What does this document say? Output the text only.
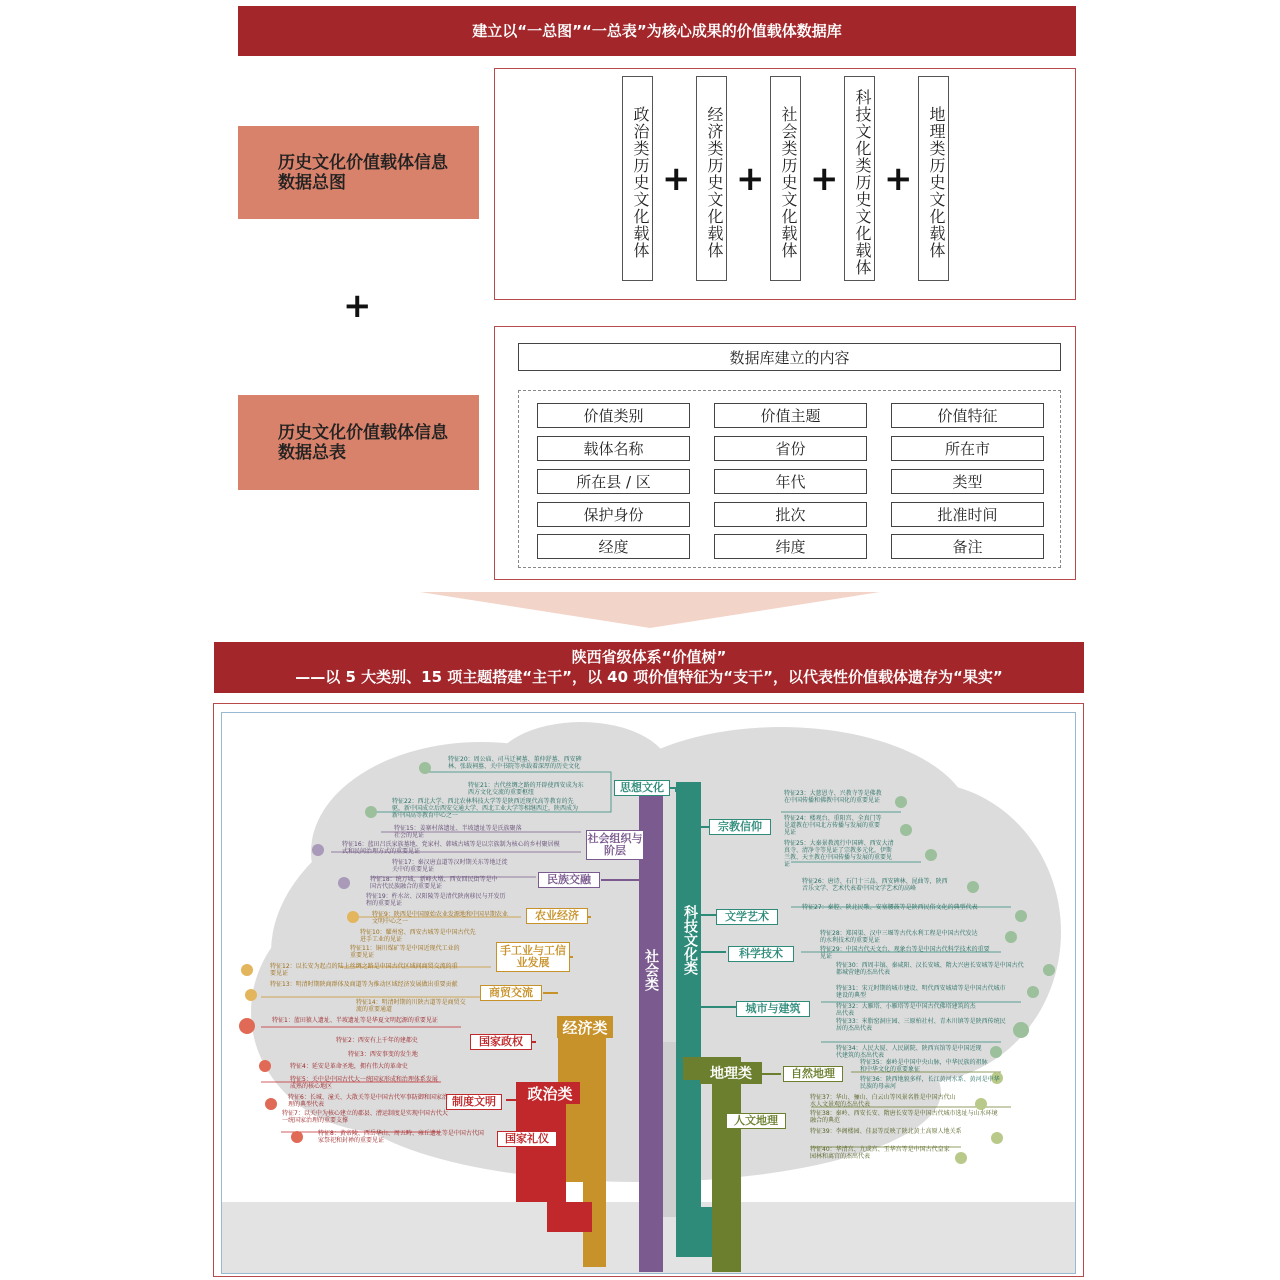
建立以“一总图”“一总表”为核心成果的价值载体数据库
历史文化价值载体信息数据总图
+
历史文化价值载体信息数据总表
政治类历史文化载体 + 经济类历史文化载体 + 社会类历史文化载体 + 科技文化类历史文化载体 + 地理类历史文化载体
数据库建立的内容
价值类别	价值主题	价值特征
载体名称	省份	所在市
所在县 / 区	年代	类型
保护身份	批次	批准时间
经度	纬度	备注
陕西省级体系“价值树”
——以 5 大类别、15 项主题搭建“主干”，以 40 项价值特征为“支干”，以代表性价值载体遗存为“果实”
经济类
政治类
社会类 科技文化类
地理类
思想文化
社会组织与阶层
民族交融
农业经济
手工业与工信业发展
商贸交流
国家政权
制度文明
国家礼仪
宗教信仰
文学艺术
科学技术
城市与建筑
自然地理
人文地理
特征20：周公庙、司马迁祠墓、董仲舒墓、西安碑林、张载祠墓、关中书院等承载着深厚的历史文化
特征21：古代丝绸之路的开辟使西安成为东西方文化交流的重要枢纽
特征22：西北大学、西北农林科技大学等是陕西近现代高等教育的先驱，新中国成立后西安交通大学、西北工业大学等相继西迁，陕西成为新中国高等教育中心之一
特征15：姜寨村落遗址、半坡遗址等是氏族聚落社会的见证
特征16：蓝田吕氏家族墓地、党家村、韩城古城等是以宗族制为核心的乡村聚居模式和民间治理方式的重要见证
特征17：秦汉唐直道等汉时期关东等地迁徙关中的重要见证
特征18：统万城、新峰火墩、西安回民街等是中国古代民族融合的重要见证
特征19：杵水岔、汉阳陵等是清代陕南移民与开发历程的重要见证
特征9：陕西是中国原始农业发源地和中国早期农业文明中心之一
特征10：耀州窑、西安古城等是中国古代先进手工业的见证
特征11：铜川煤矿等是中国近现代工业的重要见证
特征12：以长安为起点的陆上丝绸之路是中国古代区域间商贸交流的重要见证
特征13：明清时期陕商群体及商道等为推动区域经济发展做出重要贡献
特征14：明清时期的川陕古道等是商贸交流的重要通道
特征1：蓝田猿人遗址、半坡遗址等是华夏文明起源的重要见证
特征2：西安有上千年的建都史
特征3：西安事变的发生地
特征4：延安是革命圣地，拥有伟大的革命史
特征5：关中是中国古代大一统国家形成和治理体系发展成熟的核心地区
特征6：长城、潼关、大散关等是中国古代军事防御和国家治理的典型代表
特征7：以关中为核心建立的郡县、漕运制度是实现中国古代大一统国家治理的重要支撑
特征8：黄帝陵、西岳华山、周五畤、雍丘遗址等是中国古代国家祭祀和封禅的重要见证
特征23：大慈恩寺、兴教寺等是佛教在中国传播和佛教中国化的重要见证
特征24：楼观台、重阳宫、全真门等是道教在中国北方传播与发展的重要见证
特征25：大秦景教流行中国碑、西安大清真寺、清净寺等见证了宗教多元化，伊斯兰教、天主教在中国传播与发展的重要见证
特征26：唐诗、石门十三品、西安碑林、昆曲等，陕西音乐文学、艺术代表着中国文学艺术的高峰
特征27：秦腔、陕北民歌、安塞腰鼓等是陕西民俗文化的典型代表
特征28：郑国渠、汉中三堰等古代水利工程是中国古代发达的水利技术的重要见证
特征29：中国古代天文台、观象台等是中国古代科学技术的重要见证
特征30：西周丰镐、秦咸阳、汉长安城、隋大兴唐长安城等是中国古代都城营建的杰出代表
特征31：宋元时期的城市建设、明代西安城墙等是中国古代城市建设的典型
特征32：大雁塔、小雁塔等是中国古代佛塔建筑的杰出代表
特征33：米脂窑洞庄园、三原柏社村、青木川镇等是陕西传统民居的杰出代表
特征34：人民大厦、人民剧院、陕西宾馆等是中国近现代建筑的杰出代表
特征35：秦岭是中国中央山脉，中华民族的祖脉和中华文化的重要象征
特征36：陕西地貌多样，长江黄河水系、黄河是中华民族的母亲河
特征37：华山、骊山、白云山等风景名胜是中国古代山水人文景观的杰出代表
特征38：秦岭、西安长安、隋唐长安等是中国古代城市选址与山水环境融合的典范
特征39：李阁楼园、佳县等反映了陕北黄土高原人地关系
特征40：华清宫、九成宫、玉华宫等是中国古代皇家园林和离宫的杰出代表
